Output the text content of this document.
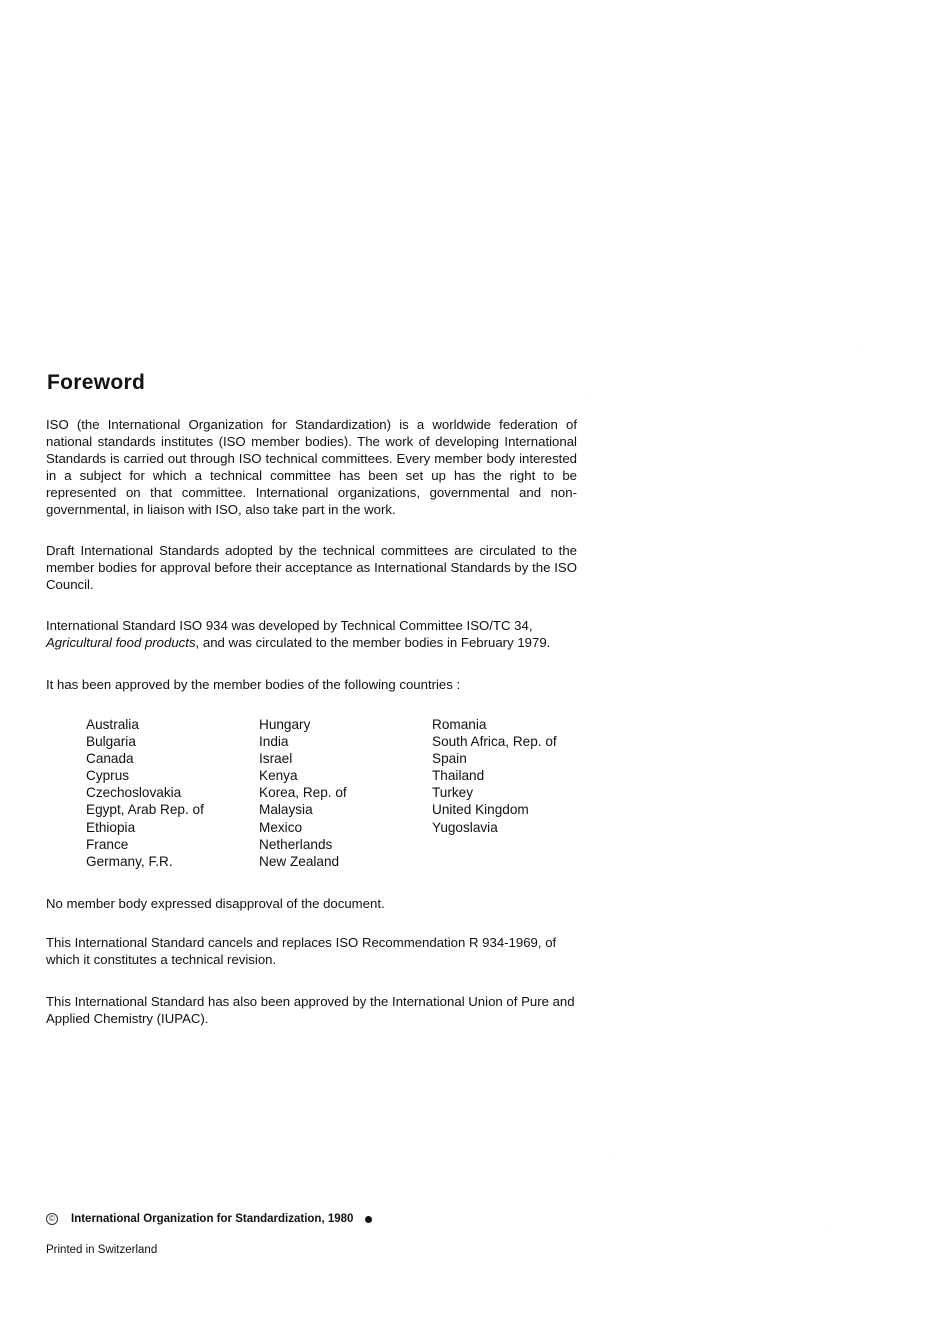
Foreword

ISO (the International Organization for Standardization) is a worldwide federation of national standards institutes (ISO member bodies). The work of developing International Standards is carried out through ISO technical committees. Every member body interested in a subject for which a technical committee has been set up has the right to be represented on that committee. International organizations, governmental and non-governmental, in liaison with ISO, also take part in the work.

Draft International Standards adopted by the technical committees are circulated to the member bodies for approval before their acceptance as International Standards by the ISO Council.

International Standard ISO 934 was developed by Technical Committee ISO/TC 34,
Agricultural food products, and was circulated to the member bodies in February 1979.

It has been approved by the member bodies of the following countries :

Australia
Bulgaria
Canada
Cyprus
Czechoslovakia
Egypt, Arab Rep. of
Ethiopia
France
Germany, F.R.
Hungary
India
Israel
Kenya
Korea, Rep. of
Malaysia
Mexico
Netherlands
New Zealand
Romania
South Africa, Rep. of
Spain
Thailand
Turkey
United Kingdom
Yugoslavia

No member body expressed disapproval of the document.

This International Standard cancels and replaces ISO Recommendation R 934-1969, of which it constitutes a technical revision.

This International Standard has also been approved by the International Union of Pure and Applied Chemistry (IUPAC).

© International Organization for Standardization, 1980
Printed in Switzerland
